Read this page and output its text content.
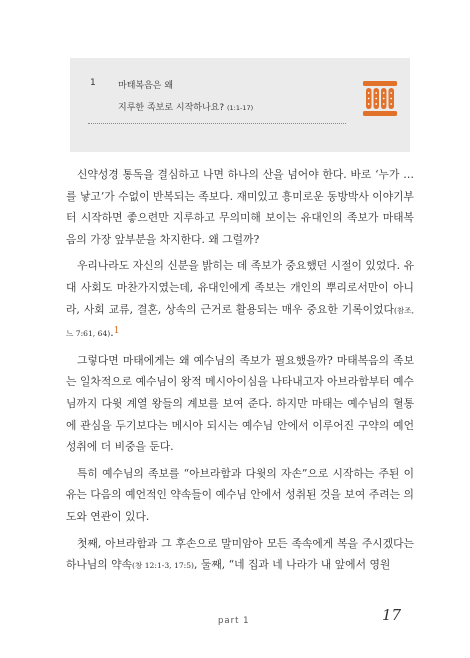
1 마태복음은 왜
지루한 족보로 시작하나요? (1:1-17)

신약성경 통독을 결심하고 나면 하나의 산을 넘어야 한다. 바로 ‘누가 …를 낳고’가 수없이 반복되는 족보다. 재미있고 흥미로운 동방박사 이야기부터 시작하면 좋으련만 지루하고 무의미해 보이는 유대인의 족보가 마태복음의 가장 앞부분을 차지한다. 왜 그럴까?

우리나라도 자신의 신분을 밝히는 데 족보가 중요했던 시절이 있었다. 유대 사회도 마찬가지였는데, 유대인에게 족보는 개인의 뿌리로서만이 아니라, 사회 교류, 결혼, 상속의 근거로 활용되는 매우 중요한 기록이었다(참조, 느 7:61, 64).$^1$

그렇다면 마태에게는 왜 예수님의 족보가 필요했을까? 마태복음의 족보는 일차적으로 예수님이 왕적 메시아이심을 나타내고자 아브라함부터 예수님까지 다윗 계열 왕들의 계보를 보여 준다. 하지만 마태는 예수님의 혈통에 관심을 두기보다는 메시아 되시는 예수님 안에서 이루어진 구약의 예언 성취에 더 비중을 둔다.

특히 예수님의 족보를 “아브라함과 다윗의 자손”으로 시작하는 주된 이유는 다음의 예언적인 약속들이 예수님 안에서 성취된 것을 보여 주려는 의도와 연관이 있다.

첫째, 아브라함과 그 후손으로 말미암아 모든 족속에게 복을 주시겠다는 하나님의 약속(창 12:1-3, 17:5), 둘째, “네 집과 네 나라가 내 앞에서 영원

part 1	17
